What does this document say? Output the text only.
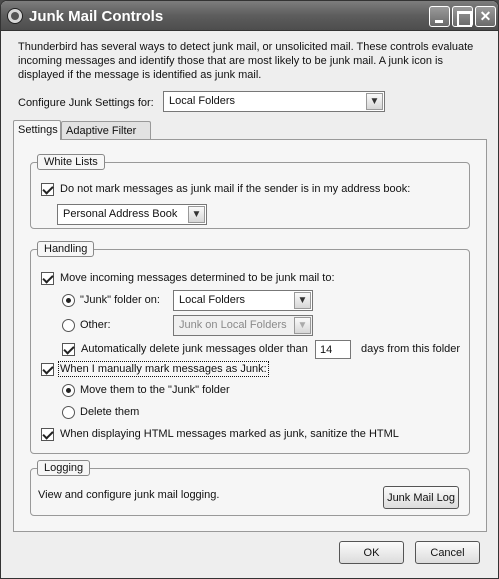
Junk Mail Controls	✕
Thunderbird has several ways to detect junk mail, or unsolicited mail. These controls evaluate incoming messages and identify those that are most likely to be junk mail. A junk icon is displayed if the message is identified as junk mail.
Configure Junk Settings for:	Local Folders	▼
Settings Adaptive Filter
White Lists
Do not mark messages as junk mail if the sender is in my address book:
Personal Address Book	▼
Handling
Move incoming messages determined to be junk mail to:
"Junk" folder on:	Local Folders	▼
Other:	Junk on Local Folders	▼
Automatically delete junk messages older than	14	days from this folder
When I manually mark messages as Junk:
Move them to the "Junk" folder
Delete them
When displaying HTML messages marked as junk, sanitize the HTML
Logging
View and configure junk mail logging.	Junk Mail Log
OK	Cancel
